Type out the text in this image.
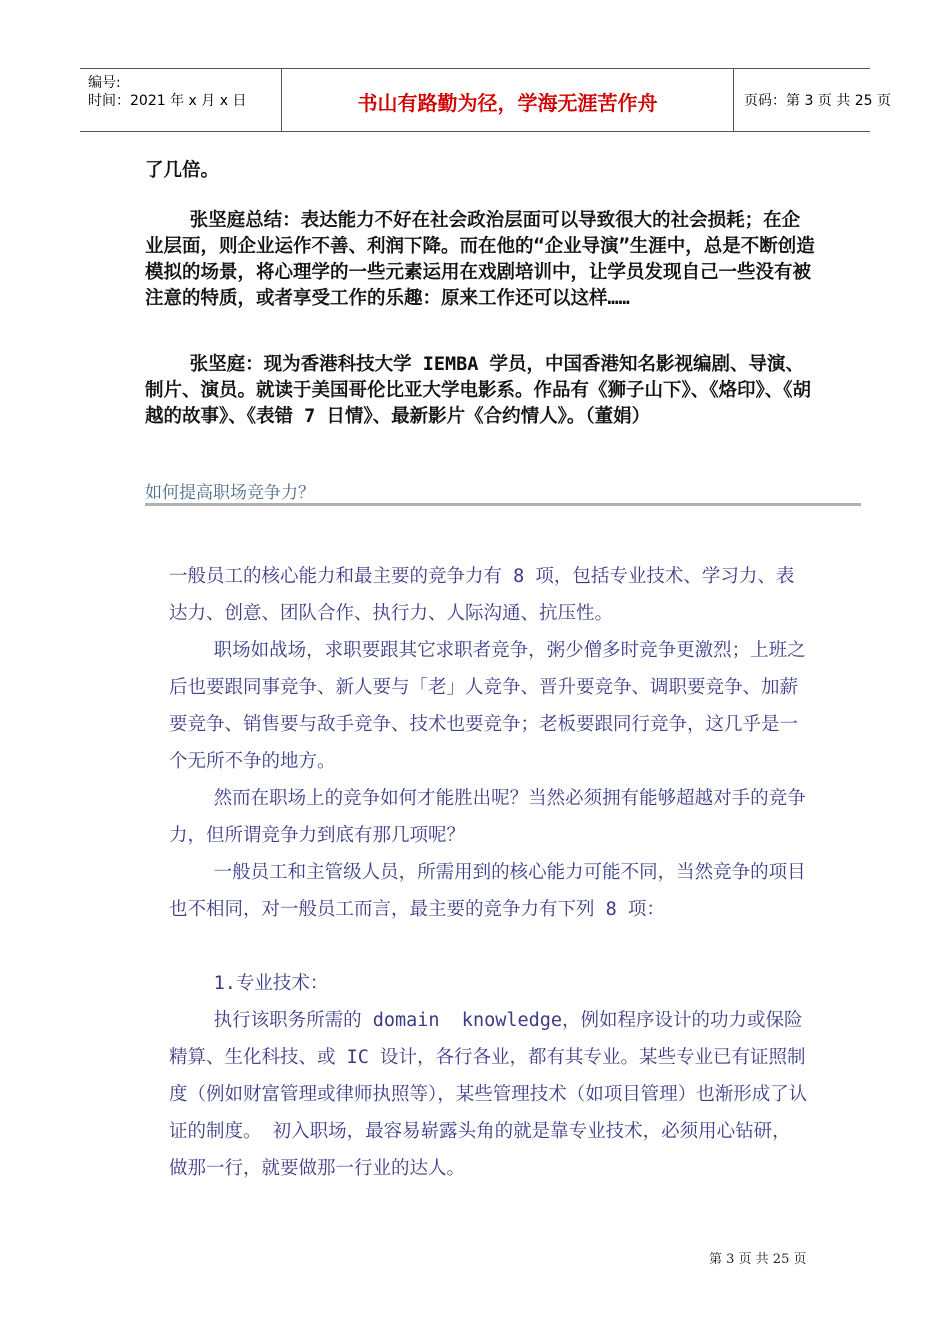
编号:
时间：2021 年 x 月 x 日	书山有路勤为径，学海无涯苦作舟	页码：第 3 页 共 25 页

了几倍。

张坚庭总结：表达能力不好在社会政治层面可以导致很大的社会损耗；在企业层面，则企业运作不善、利润下降。而在他的“企业导演”生涯中，总是不断创造模拟的场景，将心理学的一些元素运用在戏剧培训中，让学员发现自己一些没有被注意的特质，或者享受工作的乐趣：原来工作还可以这样……

张坚庭：现为香港科技大学 IEMBA 学员，中国香港知名影视编剧、导演、制片、演员。就读于美国哥伦比亚大学电影系。作品有《狮子山下》、《烙印》、《胡越的故事》、《表错 7 日情》、最新影片《合约情人》。（董娟）

如何提高职场竞争力？

一般员工的核心能力和最主要的竞争力有 8 项，包括专业技术、学习力、表达力、创意、团队合作、执行力、人际沟通、抗压性。

职场如战场，求职要跟其它求职者竞争，粥少僧多时竞争更激烈；上班之后也要跟同事竞争、新人要与「老」人竞争、晋升要竞争、调职要竞争、加薪要竞争、销售要与敌手竞争、技术也要竞争；老板要跟同行竞争，这几乎是一个无所不争的地方。

然而在职场上的竞争如何才能胜出呢？当然必须拥有能够超越对手的竞争力，但所谓竞争力到底有那几项呢？

一般员工和主管级人员，所需用到的核心能力可能不同，当然竞争的项目也不相同，对一般员工而言，最主要的竞争力有下列 8 项：

1.专业技术：

执行该职务所需的 domain  knowledge，例如程序设计的功力或保险精算、生化科技、或 IC 设计，各行各业，都有其专业。某些专业已有证照制度（例如财富管理或律师执照等），某些管理技术（如项目管理）也渐形成了认证的制度。 初入职场，最容易崭露头角的就是靠专业技术，必须用心钻研，做那一行，就要做那一行业的达人。

第 3 页 共 25 页
